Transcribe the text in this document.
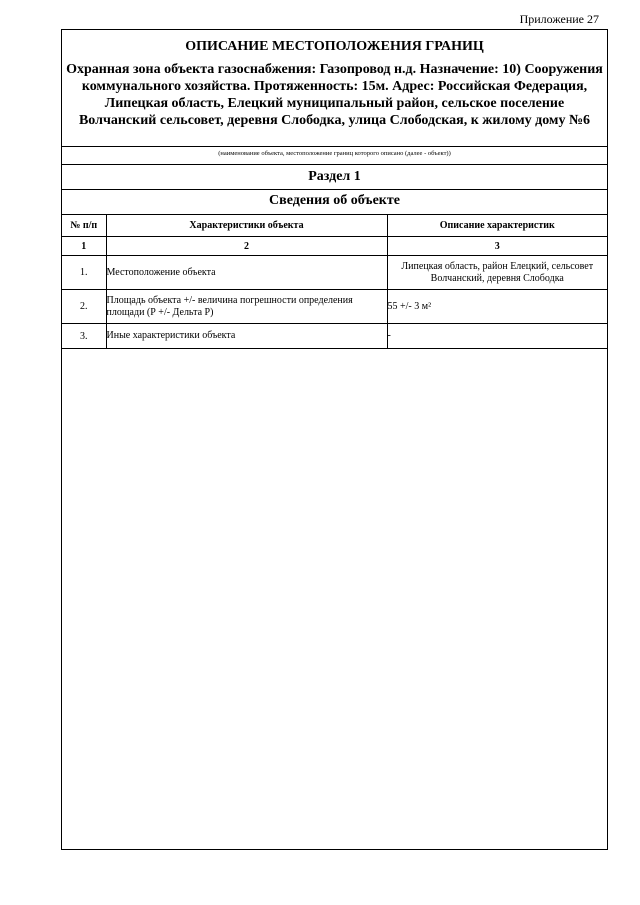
Приложение 27
ОПИСАНИЕ МЕСТОПОЛОЖЕНИЯ ГРАНИЦ

Охранная зона объекта газоснабжения: Газопровод н.д. Назначение: 10) Сооружения коммунального хозяйства. Протяженность: 15м. Адрес: Российская Федерация, Липецкая область, Елецкий муниципальный район, сельское поселение Волчанский сельсовет, деревня Слободка, улица Слободская, к жилому дому №6

(наименование объекта, местоположение границ которого описано (далее - объект))
Раздел 1
Сведения об объекте
№ п/п	Характеристики объекта	Описание характеристик
1	2	3
1.	Местоположение объекта	Липецкая область, район Елецкий, сельсовет Волчанский, деревня Слободка
2.	Площадь объекта +/- величина погрешности определения площади (Р +/- Дельта Р)	55 +/- 3 м²
3.	Иные характеристики объекта	-
